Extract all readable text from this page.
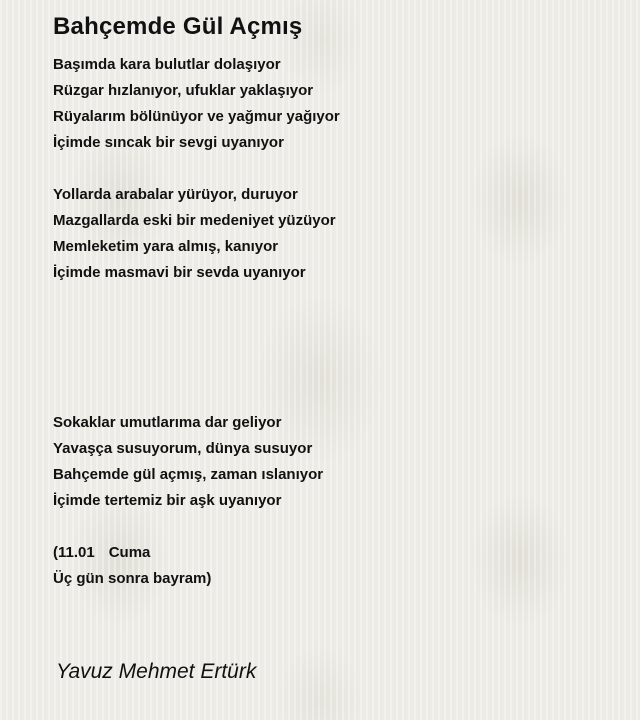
Bahçemde Gül Açmış
Başımda kara bulutlar dolaşıyor
Rüzgar hızlanıyor, ufuklar yaklaşıyor
Rüyalarım bölünüyor ve yağmur yağıyor
İçimde sıncak bir sevgi uyanıyor
Yollarda arabalar yürüyor, duruyor
Mazgallarda eski bir medeniyet yüzüyor
Memleketim yara almış, kanıyor
İçimde masmavi bir sevda uyanıyor
Sokaklar umutlarıma dar geliyor
Yavaşça susuyorum, dünya susuyor
Bahçemde gül açmış, zaman ıslanıyor
İçimde tertemiz bir aşk uyanıyor
(11.01 Cuma
Üç gün sonra bayram)
Yavuz Mehmet Ertürk
